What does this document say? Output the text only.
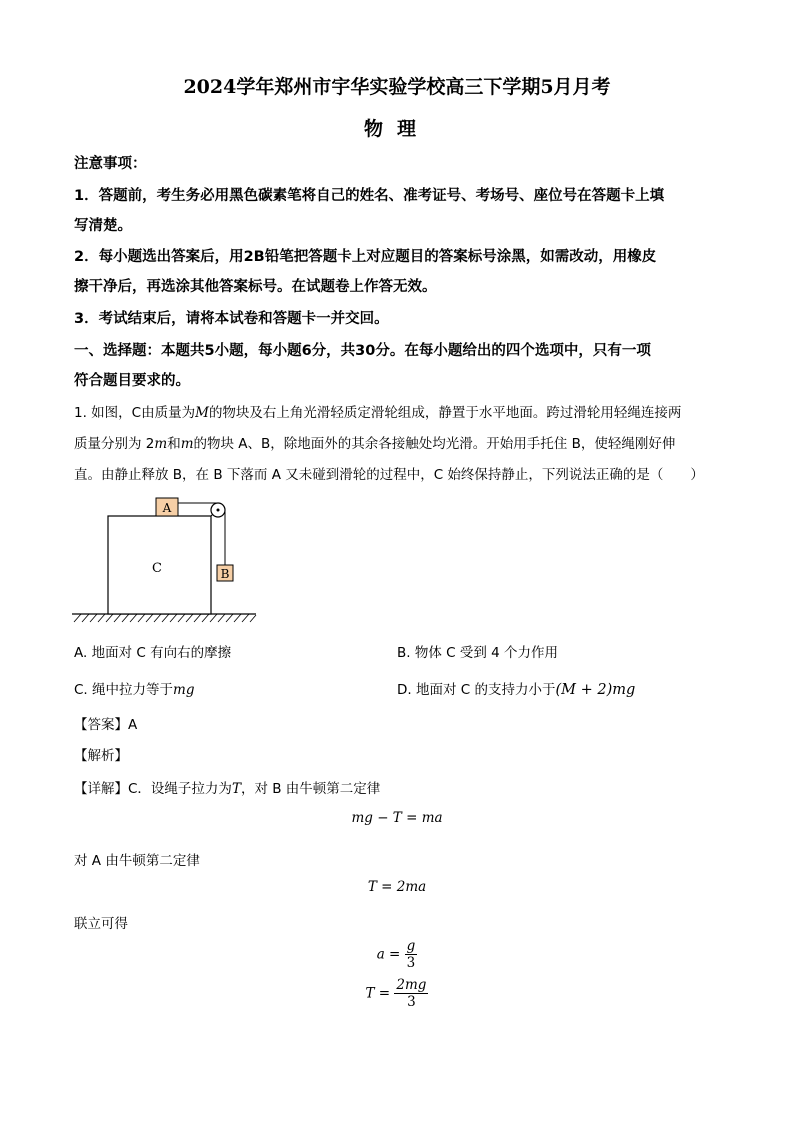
2024学年郑州市宇华实验学校高三下学期5月月考
物理
注意事项：
1．答题前，考生务必用黑色碳素笔将自己的姓名、准考证号、考场号、座位号在答题卡上填
写清楚。
2．每小题选出答案后，用2B铅笔把答题卡上对应题目的答案标号涂黑，如需改动，用橡皮
擦干净后，再选涂其他答案标号。在试题卷上作答无效。
3．考试结束后，请将本试卷和答题卡一并交回。
一、选择题：本题共5小题，每小题6分，共30分。在每小题给出的四个选项中，只有一项
符合题目要求的。
1. 如图，C由质量为M的物块及右上角光滑轻质定滑轮组成，静置于水平地面。跨过滑轮用轻绳连接两
质量分别为 2m和m的物块 A、B，除地面外的其余各接触处均光滑。开始用手托住 B，使轻绳刚好伸
直。由静止释放 B，在 B 下落而 A 又未碰到滑轮的过程中，C 始终保持静止，下列说法正确的是（　　）
C
A
B
A. 地面对 C 有向右的摩擦	B. 物体 C 受到 4 个力作用
C. 绳中拉力等于mg	D. 地面对 C 的支持力小于(M + 2)mg
【答案】A
【解析】
【详解】C．设绳子拉力为T，对 B 由牛顿第二定律
mg − T = ma
对 A 由牛顿第二定律
T = 2ma
联立可得
$a = \frac{g}{3}$
$T = \frac{2mg}{3}$
